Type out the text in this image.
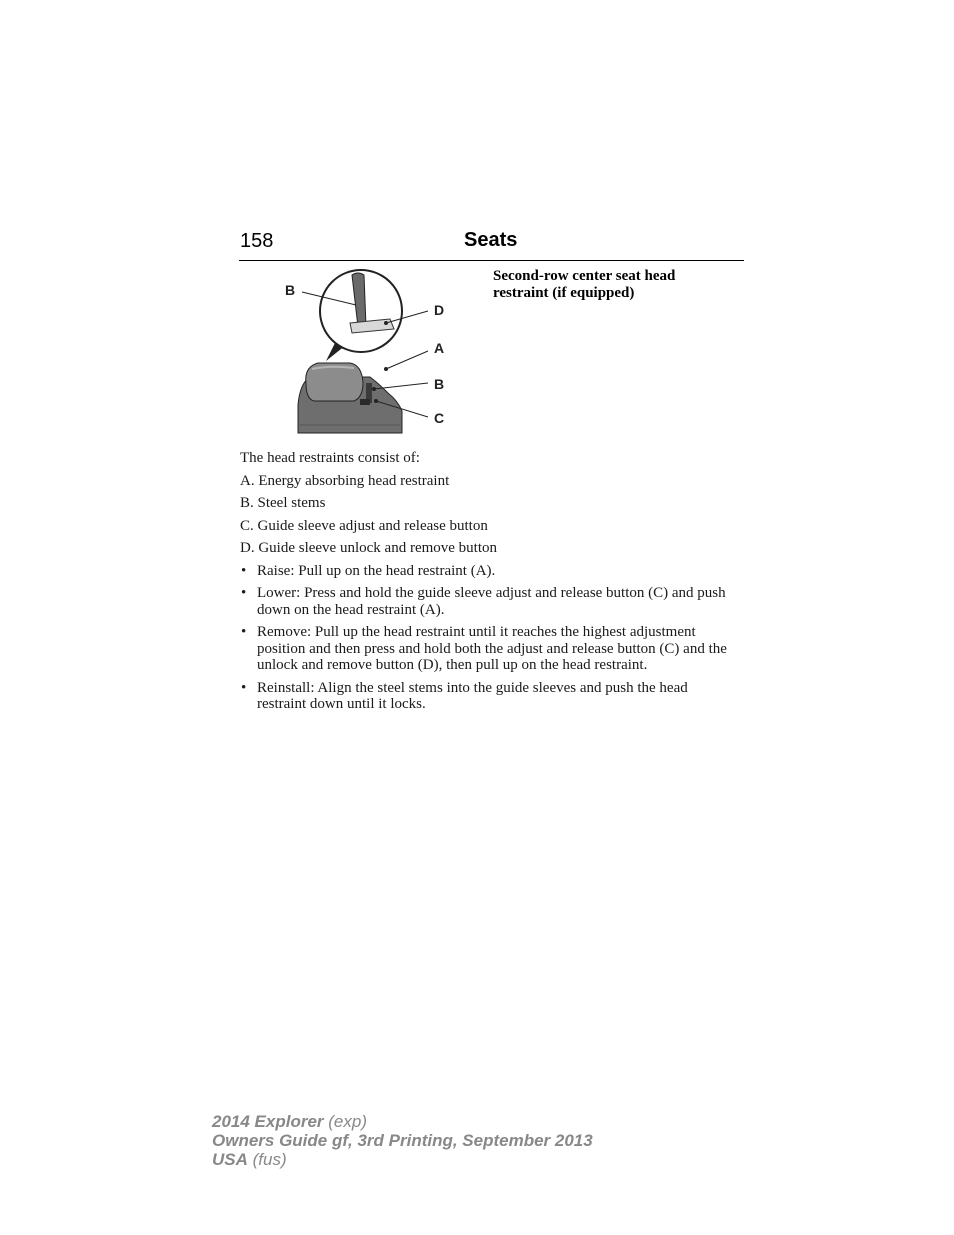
158	Seats
B
D
A
B
C
Second-row center seat head restraint (if equipped)

The head restraints consist of:

A. Energy absorbing head restraint

B. Steel stems

C. Guide sleeve adjust and release button

D. Guide sleeve unlock and remove button

• Raise: Pull up on the head restraint (A).
• Lower: Press and hold the guide sleeve adjust and release button (C) and push down on the head restraint (A).
• Remove: Pull up the head restraint until it reaches the highest adjustment position and then press and hold both the adjust and release button (C) and the unlock and remove button (D), then pull up on the head restraint.
• Reinstall: Align the steel stems into the guide sleeves and push the head restraint down until it locks.
2014 Explorer (exp)
Owners Guide gf, 3rd Printing, September 2013
USA (fus)
